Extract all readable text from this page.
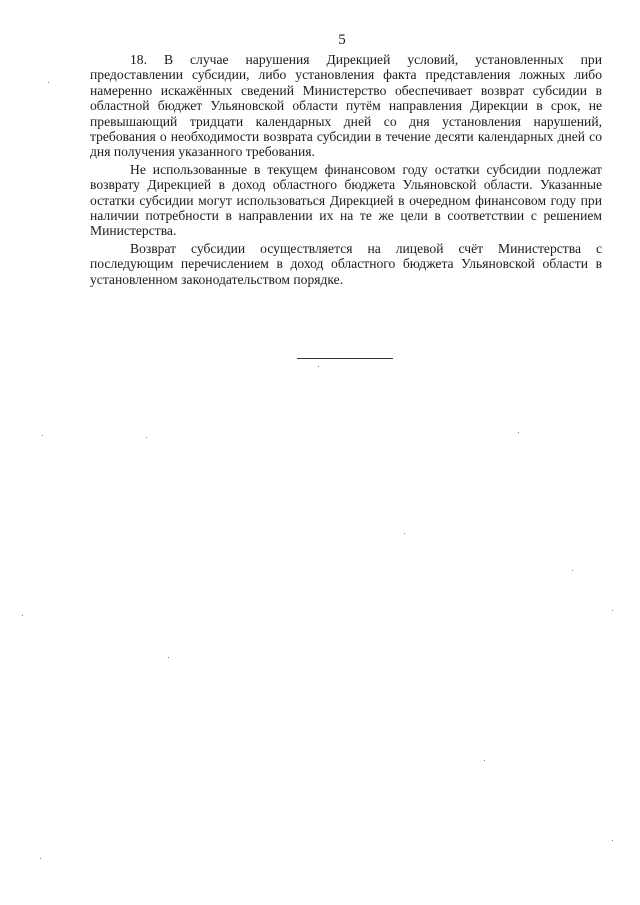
5

18. В случае нарушения Дирекцией условий, установленных при предоставлении субсидии, либо установления факта представления ложных либо намеренно искажённых сведений Министерство обеспечивает возврат субсидии в областной бюджет Ульяновской области путём направления Дирекции в срок, не превышающий тридцати календарных дней со дня установления нарушений, требования о необходимости возврата субсидии в течение десяти календарных дней со дня получения указанного требования.

Не использованные в текущем финансовом году остатки субсидии подлежат возврату Дирекцией в доход областного бюджета Ульяновской области. Указанные остатки субсидии могут использоваться Дирекцией в очередном финансовом году при наличии потребности в направлении их на те же цели в соответствии с решением Министерства.

Возврат субсидии осуществляется на лицевой счёт Министерства с последующим перечислением в доход областного бюджета Ульяновской области в установленном законодательством порядке.
